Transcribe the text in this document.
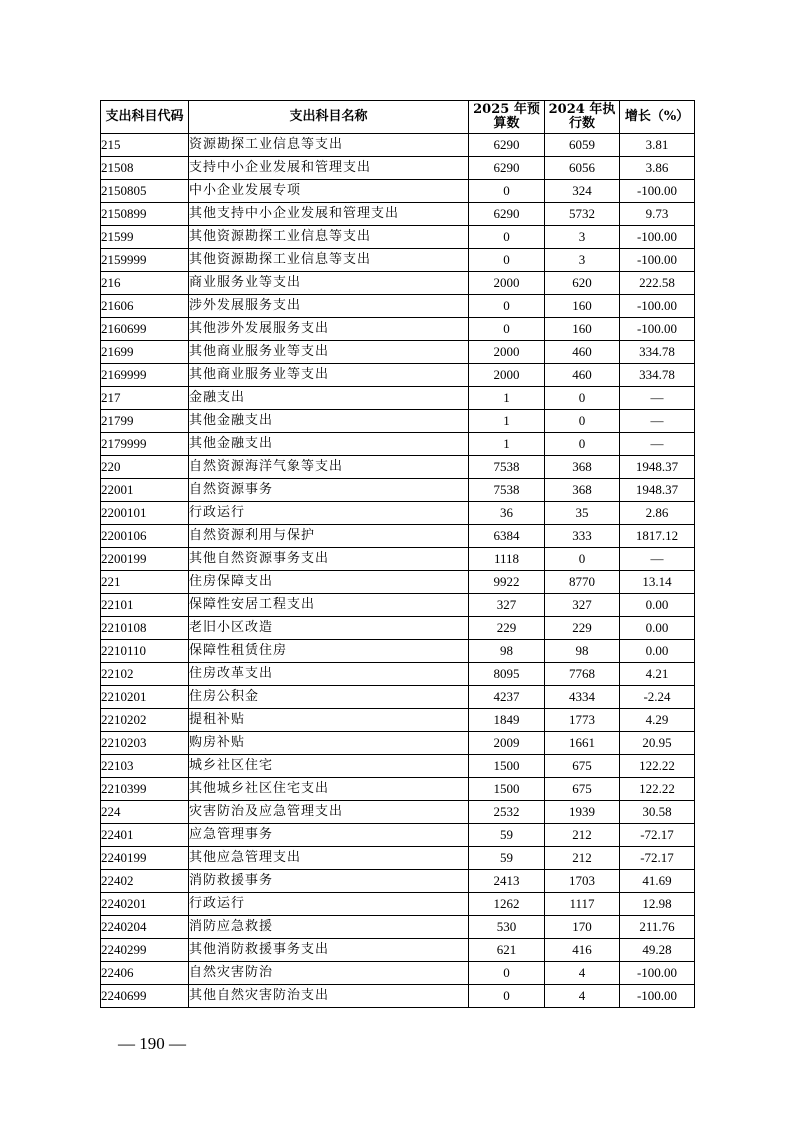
支出科目代码	支出科目名称	2025 年预算数	2024 年执行数	增长（%）
215	资源勘探工业信息等支出	6290	6059	3.81
21508	支持中小企业发展和管理支出	6290	6056	3.86
2150805	中小企业发展专项	0	324	-100.00
2150899	其他支持中小企业发展和管理支出	6290	5732	9.73
21599	其他资源勘探工业信息等支出	0	3	-100.00
2159999	其他资源勘探工业信息等支出	0	3	-100.00
216	商业服务业等支出	2000	620	222.58
21606	涉外发展服务支出	0	160	-100.00
2160699	其他涉外发展服务支出	0	160	-100.00
21699	其他商业服务业等支出	2000	460	334.78
2169999	其他商业服务业等支出	2000	460	334.78
217	金融支出	1	0	—
21799	其他金融支出	1	0	—
2179999	其他金融支出	1	0	—
220	自然资源海洋气象等支出	7538	368	1948.37
22001	自然资源事务	7538	368	1948.37
2200101	行政运行	36	35	2.86
2200106	自然资源利用与保护	6384	333	1817.12
2200199	其他自然资源事务支出	1118	0	—
221	住房保障支出	9922	8770	13.14
22101	保障性安居工程支出	327	327	0.00
2210108	老旧小区改造	229	229	0.00
2210110	保障性租赁住房	98	98	0.00
22102	住房改革支出	8095	7768	4.21
2210201	住房公积金	4237	4334	-2.24
2210202	提租补贴	1849	1773	4.29
2210203	购房补贴	2009	1661	20.95
22103	城乡社区住宅	1500	675	122.22
2210399	其他城乡社区住宅支出	1500	675	122.22
224	灾害防治及应急管理支出	2532	1939	30.58
22401	应急管理事务	59	212	-72.17
2240199	其他应急管理支出	59	212	-72.17
22402	消防救援事务	2413	1703	41.69
2240201	行政运行	1262	1117	12.98
2240204	消防应急救援	530	170	211.76
2240299	其他消防救援事务支出	621	416	49.28
22406	自然灾害防治	0	4	-100.00
2240699	其他自然灾害防治支出	0	4	-100.00
— 190 —
